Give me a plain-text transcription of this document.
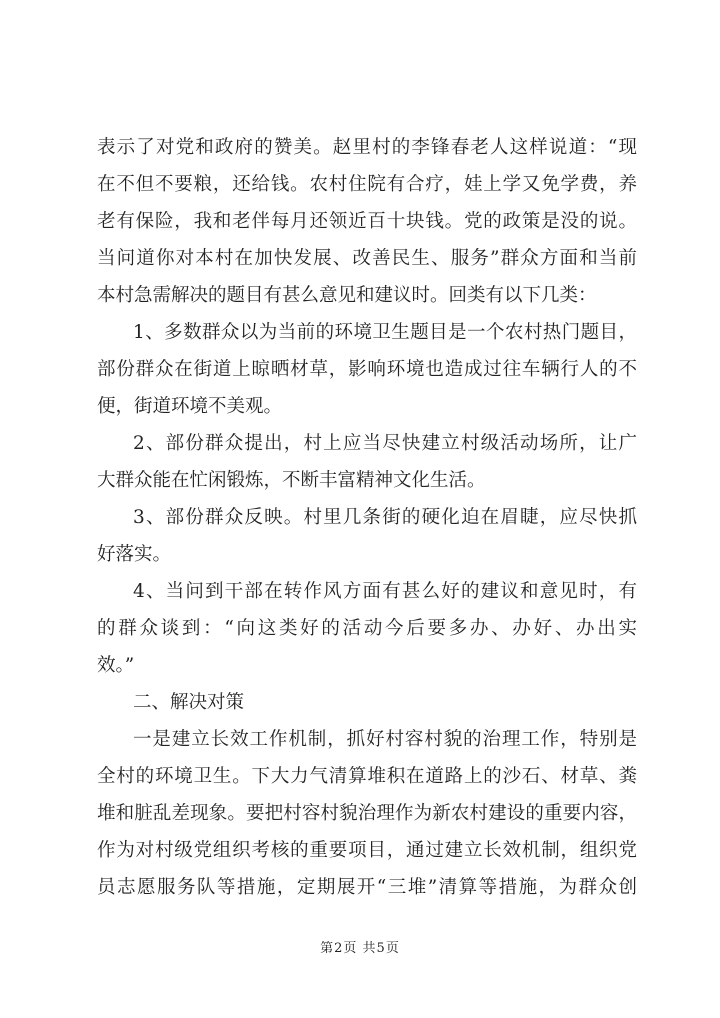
表示了对党和政府的赞美。赵里村的李锋春老人这样说道：“现
在不但不要粮，还给钱。农村住院有合疗，娃上学又免学费，养
老有保险，我和老伴每月还领近百十块钱。党的政策是没的说。
当问道你对本村在加快发展、改善民生、服务”群众方面和当前
本村急需解决的题目有甚么意见和建议时。回类有以下几类：
1、多数群众以为当前的环境卫生题目是一个农村热门题目，
部份群众在街道上晾晒材草，影响环境也造成过往车辆行人的不
便，街道环境不美观。
2、部份群众提出，村上应当尽快建立村级活动场所，让广
大群众能在忙闲锻炼，不断丰富精神文化生活。
3、部份群众反映。村里几条街的硬化迫在眉睫，应尽快抓
好落实。
4、当问到干部在转作风方面有甚么好的建议和意见时，有
的群众谈到：“向这类好的活动今后要多办、办好、办出实
效。”
二、解决对策
一是建立长效工作机制，抓好村容村貌的治理工作，特别是
全村的环境卫生。下大力气清算堆积在道路上的沙石、材草、粪
堆和脏乱差现象。要把村容村貌治理作为新农村建设的重要内容，
作为对村级党组织考核的重要项目，通过建立长效机制，组织党
员志愿服务队等措施，定期展开“三堆”清算等措施，为群众创
第2页 共5页
